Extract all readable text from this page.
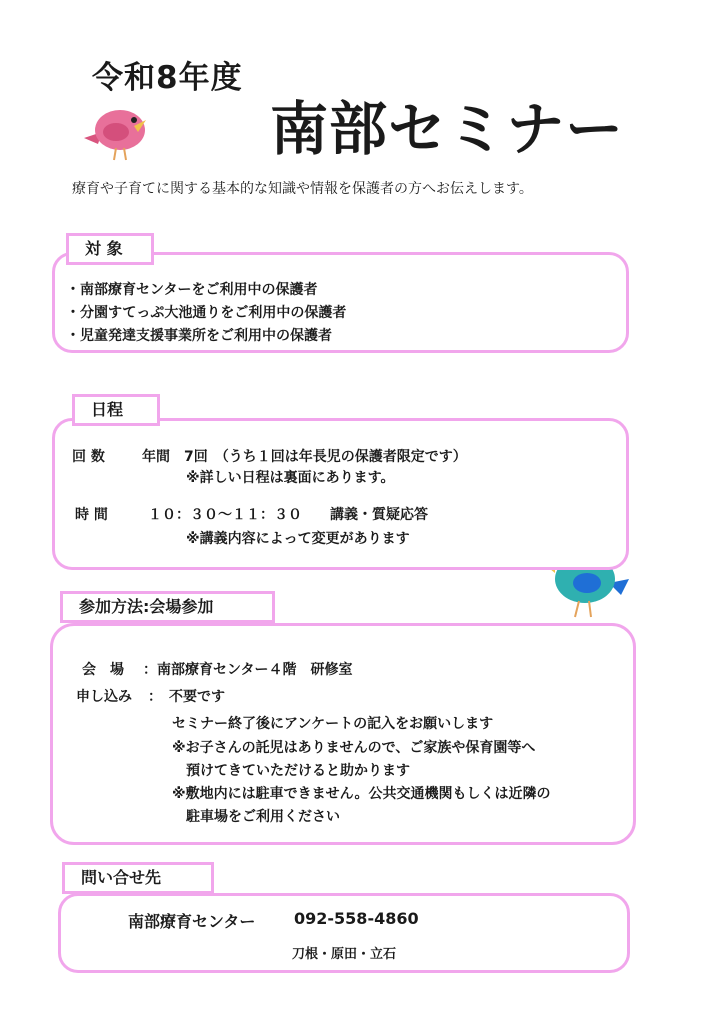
令和8年度
南部セミナー
療育や子育てに関する基本的な知識や情報を保護者の方へお伝えします。
対 象
・南部療育センターをご利用中の保護者
・分園すてっぷ大池通りをご利用中の保護者
・児童発達支援事業所をご利用中の保護者
日程
回 数	年間　7回　（うち１回は年長児の保護者限定です）
※詳しい日程は裏面にあります。
時 間	１０：３０～１１：３０　　講義・質疑応答
※講義内容によって変更があります
参加方法:会場参加
会　場 ：南部療育センター４階　研修室
申し込み ：　不要です
セミナー終了後にアンケートの記入をお願いします
※お子さんの託児はありませんので、ご家族や保育園等へ
　預けてきていただけると助かります
※敷地内には駐車できません。公共交通機関もしくは近隣の
　駐車場をご利用ください
問い合せ先
南部療育センター 092-558-4860
刀根・原田・立石
